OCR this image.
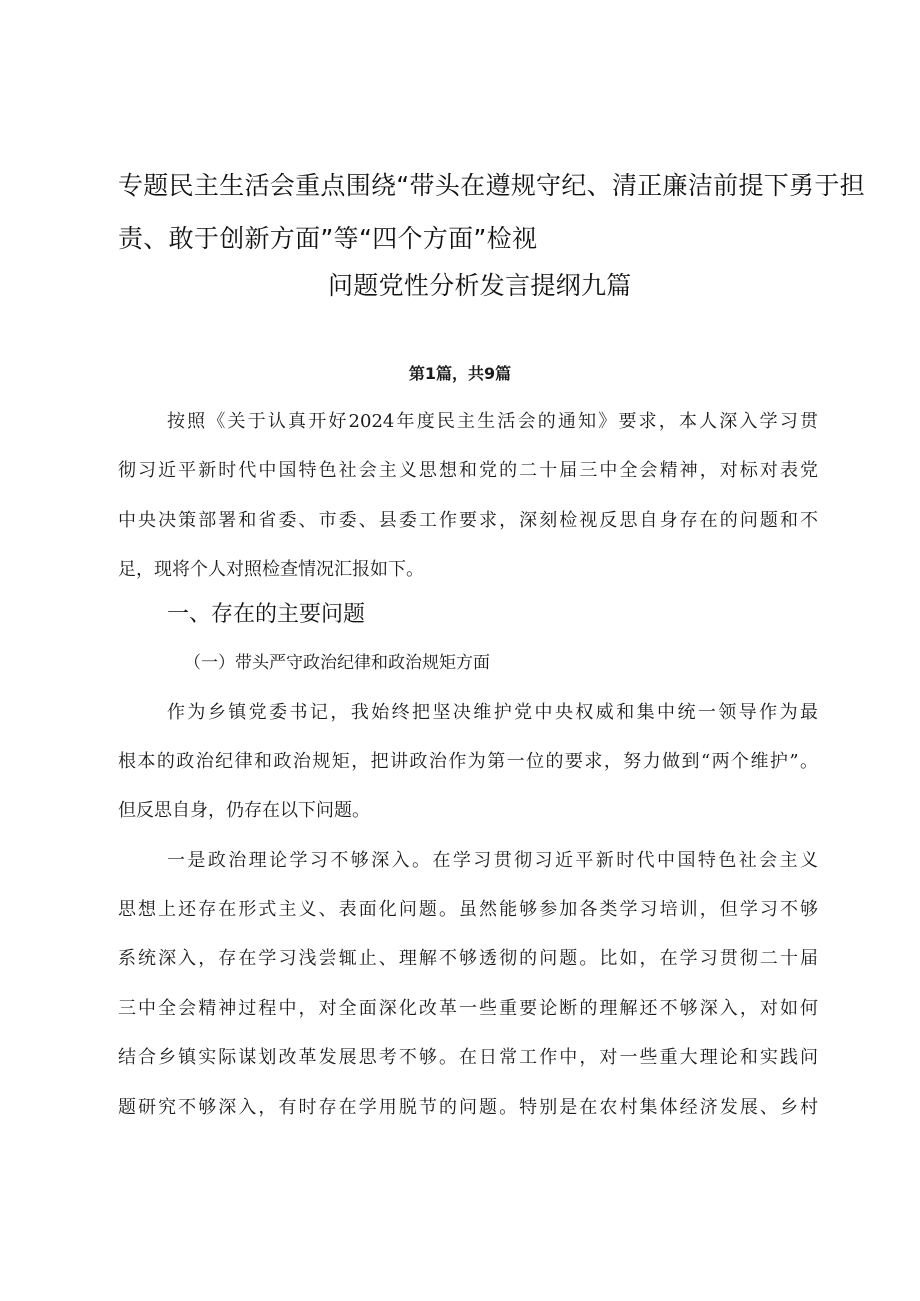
专题民主生活会重点围绕“带头在遵规守纪、清正廉洁前提下勇于担
责、敢于创新方面”等“四个方面”检视
问题党性分析发言提纲九篇
第1篇，共9篇
按照《关于认真开好2024年度民主生活会的通知》要求，本人深入学习贯
彻习近平新时代中国特色社会主义思想和党的二十届三中全会精神，对标对表党
中央决策部署和省委、市委、县委工作要求，深刻检视反思自身存在的问题和不
足，现将个人对照检查情况汇报如下。
一、存在的主要问题
（一）带头严守政治纪律和政治规矩方面
作为乡镇党委书记，我始终把坚决维护党中央权威和集中统一领导作为最
根本的政治纪律和政治规矩，把讲政治作为第一位的要求，努力做到“两个维护”。
但反思自身，仍存在以下问题。
一是政治理论学习不够深入。在学习贯彻习近平新时代中国特色社会主义
思想上还存在形式主义、表面化问题。虽然能够参加各类学习培训，但学习不够
系统深入，存在学习浅尝辄止、理解不够透彻的问题。比如，在学习贯彻二十届
三中全会精神过程中，对全面深化改革一些重要论断的理解还不够深入，对如何
结合乡镇实际谋划改革发展思考不够。在日常工作中，对一些重大理论和实践问
题研究不够深入，有时存在学用脱节的问题。特别是在农村集体经济发展、乡村
